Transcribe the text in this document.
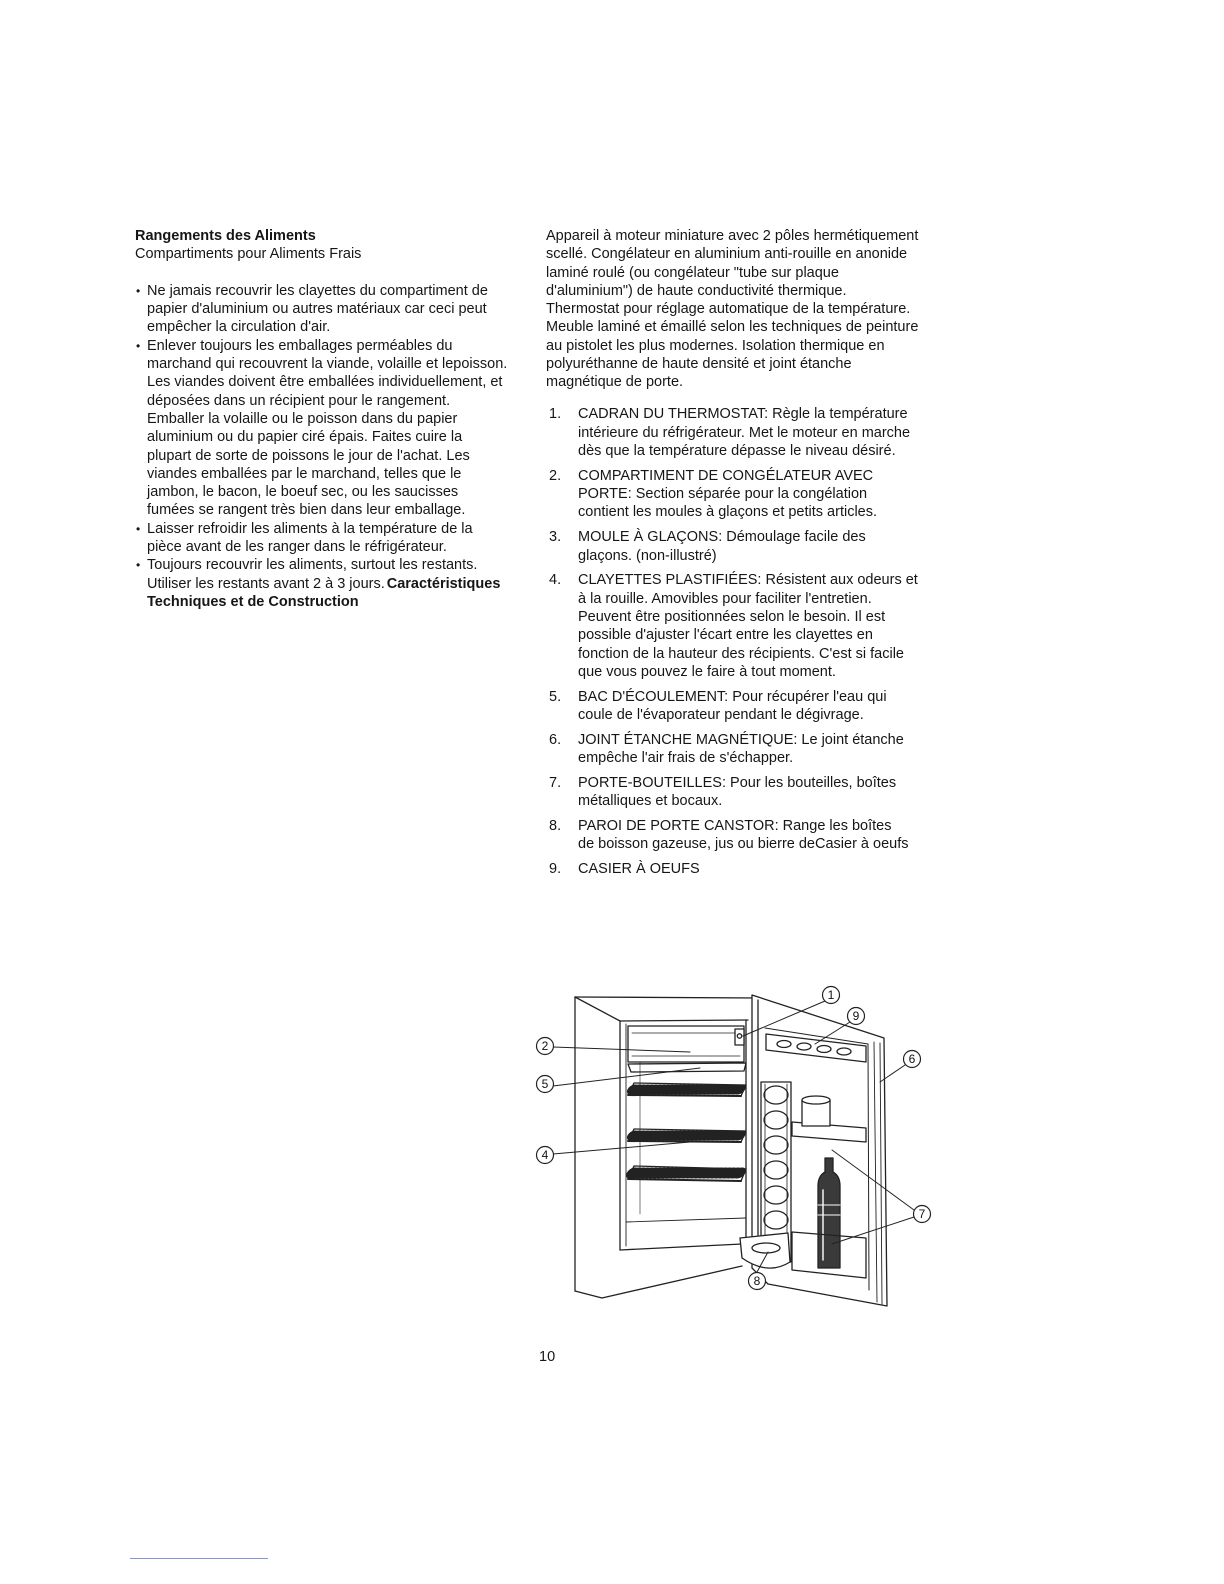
Rangements des Aliments
Compartiments pour Aliments Frais
• Ne jamais recouvrir les clayettes du compartiment de
papier d'aluminium ou autres matériaux car ceci peut
empêcher la circulation d'air.
• Enlever toujours les emballages perméables du
marchand qui recouvrent la viande, volaille et lepoisson.
Les viandes doivent être emballées individuellement, et
déposées dans un récipient pour le rangement.
Emballer la volaille ou le poisson dans du papier
aluminium ou du papier ciré épais. Faites cuire la
plupart de sorte de poissons le jour de l'achat. Les
viandes emballées par le marchand, telles que le
jambon, le bacon, le boeuf sec, ou les saucisses
fumées se rangent très bien dans leur emballage.
• Laisser refroidir les aliments à la température de la
pièce avant de les ranger dans le réfrigérateur.
• Toujours recouvrir les aliments, surtout les restants.
Utiliser les restants avant 2 à 3 jours. Caractéristiques
Techniques et de Construction
Appareil à moteur miniature avec 2 pôles hermétiquement
scellé. Congélateur en aluminium anti-rouille en anonide
laminé roulé (ou congélateur "tube sur plaque
d'aluminium") de haute conductivité thermique.
Thermostat pour réglage automatique de la température.
Meuble laminé et émaillé selon les techniques de peinture
au pistolet les plus modernes. Isolation thermique en
polyuréthanne de haute densité et joint étanche
magnétique de porte.
1. CADRAN DU THERMOSTAT: Règle la température
intérieure du réfrigérateur. Met le moteur en marche
dès que la température dépasse le niveau désiré.
2. COMPARTIMENT DE CONGÉLATEUR AVEC
PORTE: Section séparée pour la congélation
contient les moules à glaçons et petits articles.
3. MOULE À GLAÇONS: Démoulage facile des
glaçons. (non-illustré)
4. CLAYETTES PLASTIFIÉES: Résistent aux odeurs et
à la rouille. Amovibles pour faciliter l'entretien.
Peuvent être positionnées selon le besoin. Il est
possible d'ajuster l'écart entre les clayettes en
fonction de la hauteur des récipients. C'est si facile
que vous pouvez le faire à tout moment.
5. BAC D'ÉCOULEMENT: Pour récupérer l'eau qui
coule de l'évaporateur pendant le dégivrage.
6. JOINT ÉTANCHE MAGNÉTIQUE: Le joint étanche
empêche l'air frais de s'échapper.
7. PORTE-BOUTEILLES: Pour les bouteilles, boîtes
métalliques et bocaux.
8. PAROI DE PORTE CANSTOR: Range les boîtes
de boisson gazeuse, jus ou bierre deCasier à oeufs
9. CASIER À OEUFS
1
9
2
5
6
4
7
8
10
